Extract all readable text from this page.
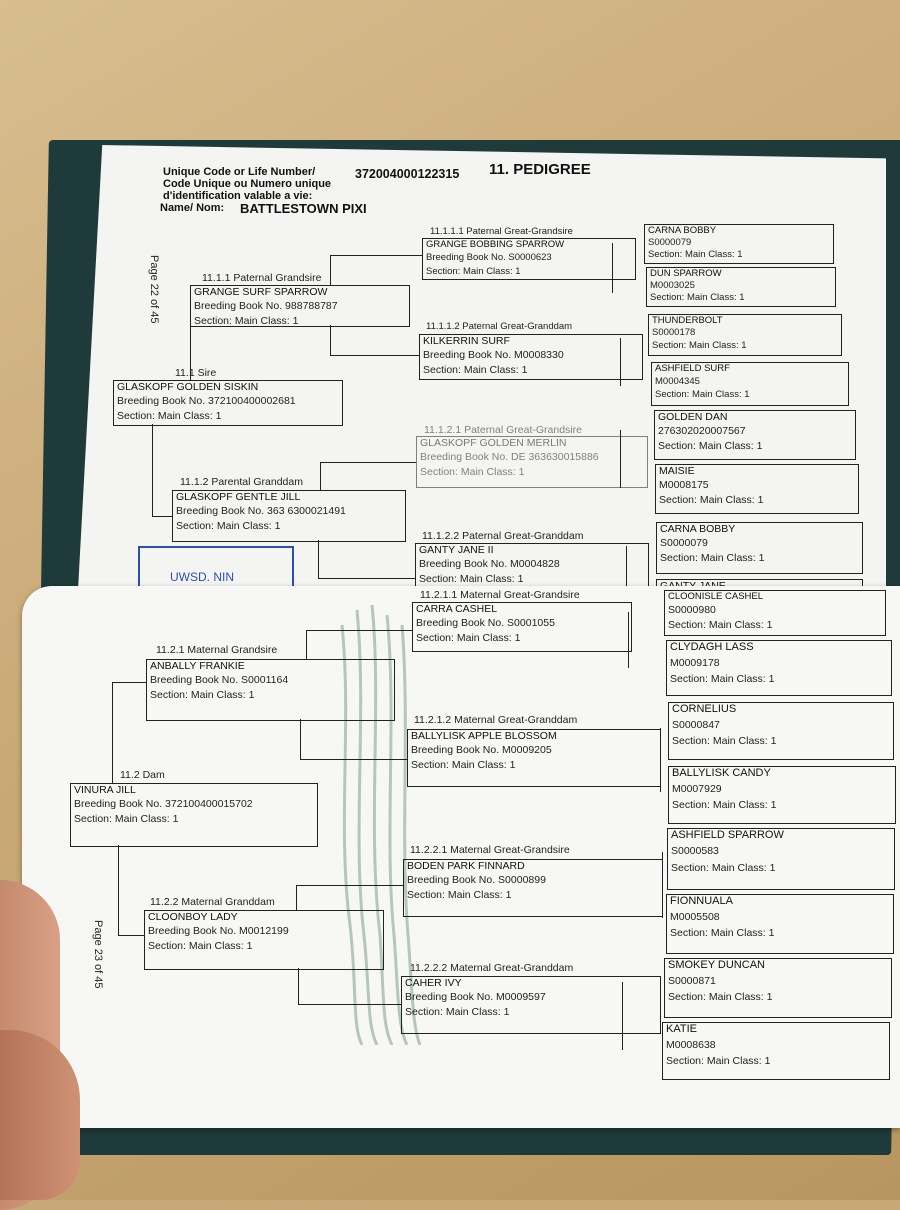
Unique Code or Life Number/
Code Unique ou Numero unique
d'identification valable a vie:
Name/ Nom: BATTLESTOWN PIXI
372004000122315 11. PEDIGREE
Page 22 of 45
11.1 Sire
GLASKOPF GOLDEN SISKIN
Breeding Book No. 372100400002681
Section: Main Class: 1
11.1.1 Paternal Grandsire
GRANGE SURF SPARROW
Breeding Book No. 988788787
Section: Main Class: 1
11.1.2 Parental Granddam
GLASKOPF GENTLE JILL
Breeding Book No. 363 6300021491
Section: Main Class: 1
11.1.1.1 Paternal Great-Grandsire
GRANGE BOBBING SPARROW
Breeding Book No. S0000623
Section: Main Class: 1
11.1.1.2 Paternal Great-Granddam
KILKERRIN SURF
Breeding Book No. M0008330
Section: Main Class: 1
11.1.2.1 Paternal Great-Grandsire
GLASKOPF GOLDEN MERLIN
Breeding Book No. DE 363630015886
Section: Main Class: 1
11.1.2.2 Paternal Great-Granddam
GANTY JANE II
Breeding Book No. M0004828
Section: Main Class: 1
CARNA BOBBY
S0000079
Section: Main Class: 1
DUN SPARROW
M0003025
Section: Main Class: 1
THUNDERBOLT
S0000178
Section: Main Class: 1
ASHFIELD SURF
M0004345
Section: Main Class: 1
GOLDEN DAN
276302020007567
Section: Main Class: 1
MAISIE
M0008175
Section: Main Class: 1
CARNA BOBBY
S0000079
Section: Main Class: 1
UWSD. NIN
Page 23 of 45
11.2 Dam
VINURA JILL
Breeding Book No. 372100400015702
Section: Main Class: 1
11.2.1 Maternal Grandsire
ANBALLY FRANKIE
Breeding Book No. S0001164
Section: Main Class: 1
11.2.2 Maternal Granddam
CLOONBOY LADY
Breeding Book No. M0012199
Section: Main Class: 1
11.2.1.1 Maternal Great-Grandsire
CARRA CASHEL
Breeding Book No. S0001055
Section: Main Class: 1
11.2.1.2 Maternal Great-Granddam
BALLYLISK APPLE BLOSSOM
Breeding Book No. M0009205
Section: Main Class: 1
11.2.2.1 Maternal Great-Grandsire
BODEN PARK FINNARD
Breeding Book No. S0000899
Section: Main Class: 1
11.2.2.2 Maternal Great-Granddam
CAHER IVY
Breeding Book No. M0009597
Section: Main Class: 1
CLOONISLE CASHEL
S0000980
Section: Main Class: 1
CLYDAGH LASS
M0009178
Section: Main Class: 1
CORNELIUS
S0000847
Section: Main Class: 1
BALLYLISK CANDY
M0007929
Section: Main Class: 1
ASHFIELD SPARROW
S0000583
Section: Main Class: 1
FIONNUALA
M0005508
Section: Main Class: 1
SMOKEY DUNCAN
S0000871
Section: Main Class: 1
KATIE
M0008638
Section: Main Class: 1
